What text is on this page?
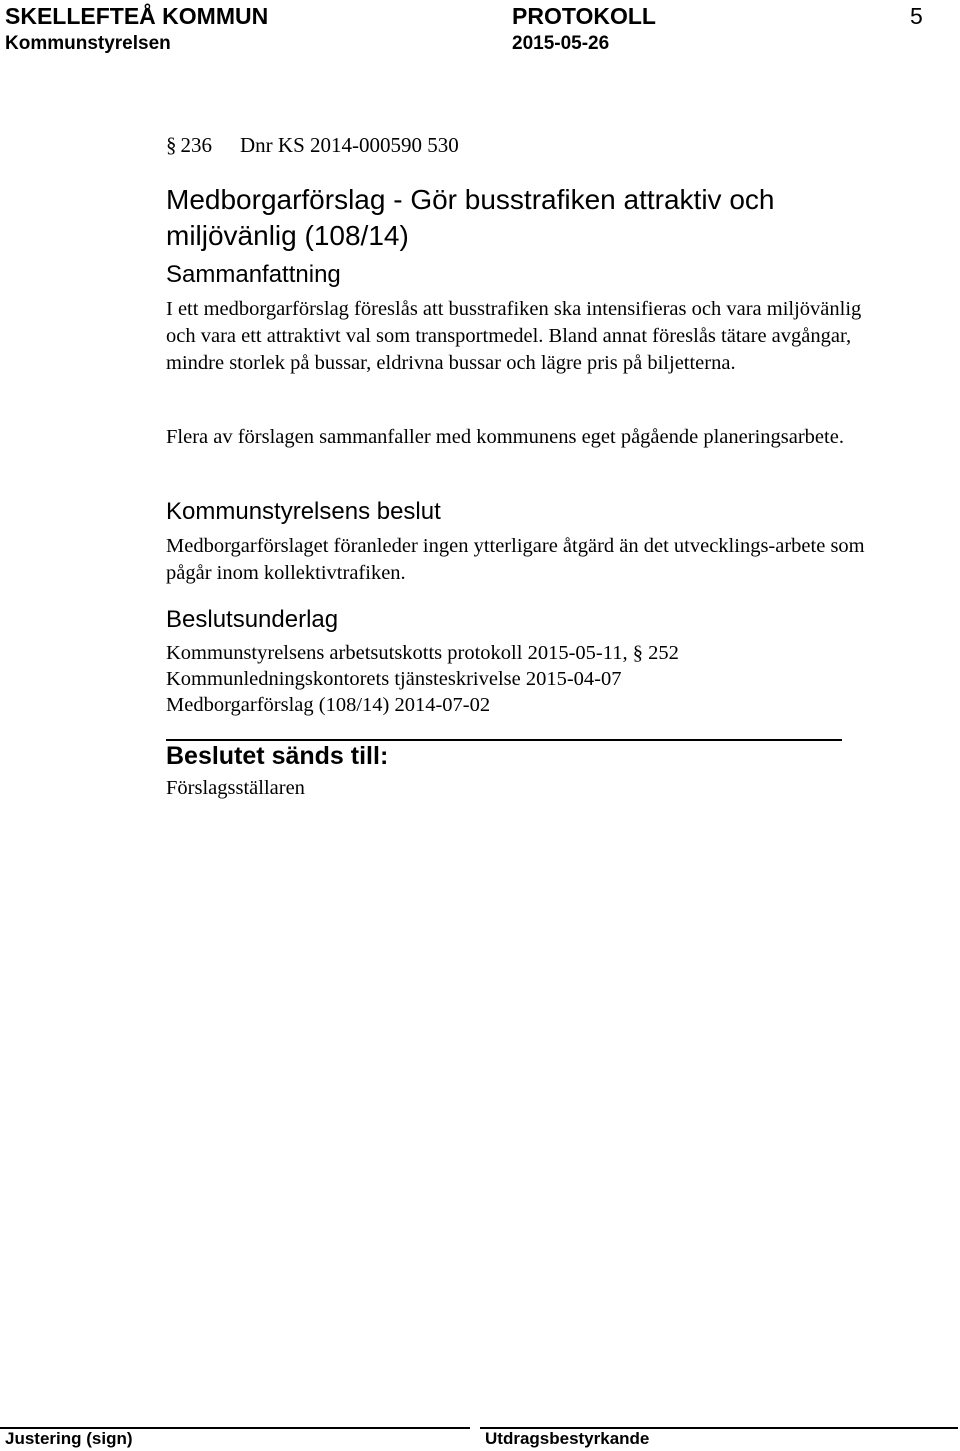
SKELLEFTEÅ KOMMUN	PROTOKOLL	5
Kommunstyrelsen	2015-05-26
§ 236 Dnr KS 2014-000590 530
Medborgarförslag - Gör busstrafiken attraktiv och miljövänlig (108/14)
Sammanfattning
I ett medborgarförslag föreslås att busstrafiken ska intensifieras och vara miljövänlig och vara ett attraktivt val som transportmedel. Bland annat föreslås tätare avgångar, mindre storlek på bussar, eldrivna bussar och lägre pris på biljetterna.
Flera av förslagen sammanfaller med kommunens eget pågående planeringsarbete.
Kommunstyrelsens beslut
Medborgarförslaget föranleder ingen ytterligare åtgärd än det utvecklings-arbete som pågår inom kollektivtrafiken.
Beslutsunderlag
Kommunstyrelsens arbetsutskotts protokoll 2015-05-11, § 252
Kommunledningskontorets tjänsteskrivelse 2015-04-07
Medborgarförslag (108/14) 2014-07-02
Beslutet sänds till:
Förslagsställaren
Justering (sign)	Utdragsbestyrkande
